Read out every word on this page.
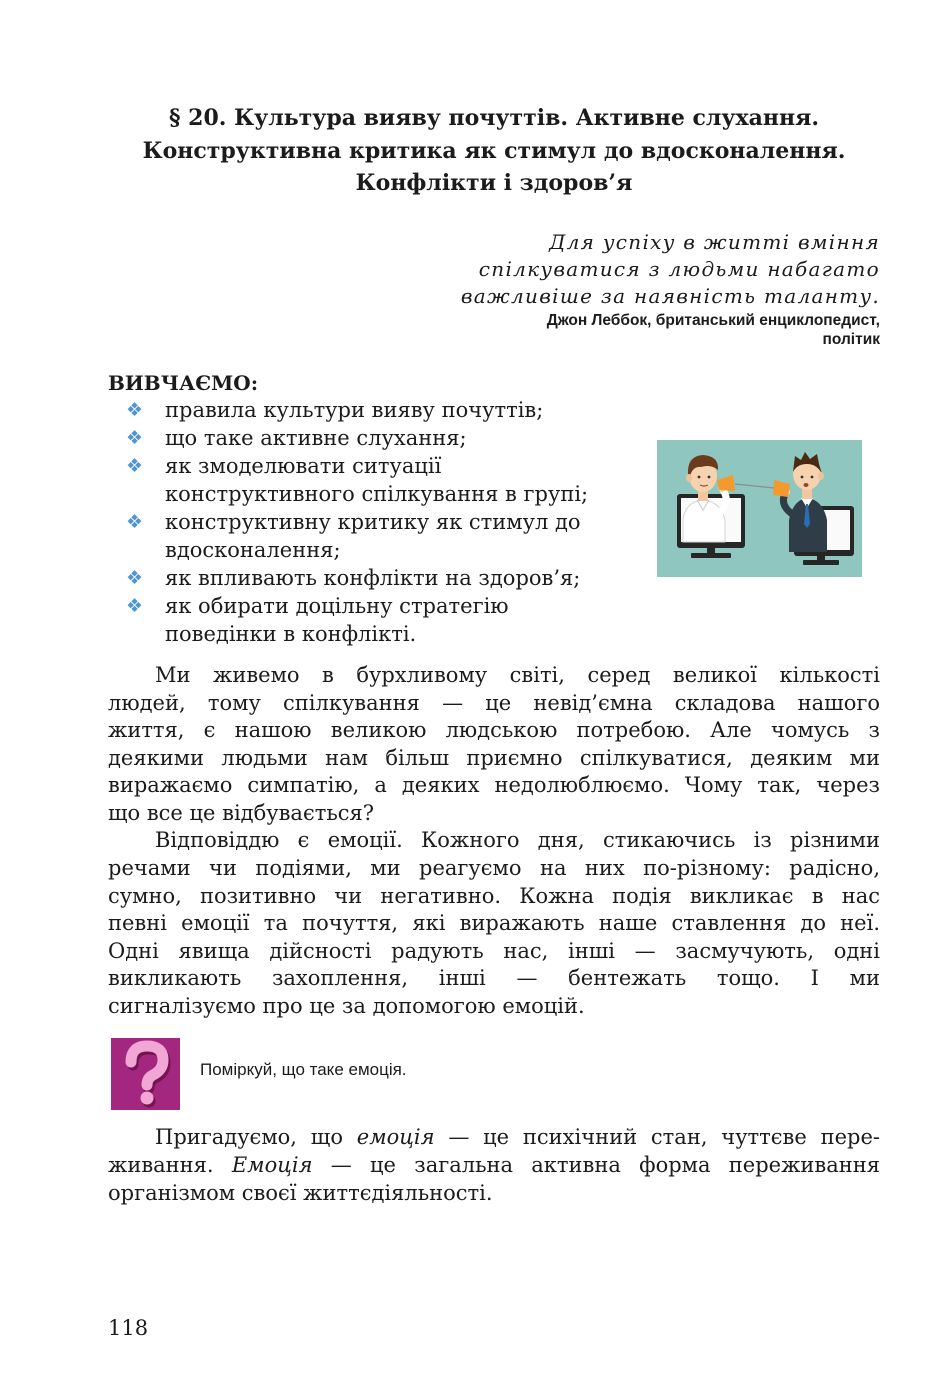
§ 20. Культура вияву почуттів. Активне слухання.
Конструктивна критика як стимул до вдосконалення.
Конфлікти і здоров’я
Для успіху в житті вміння
спілкуватися з людьми набагато
важливіше за наявність таланту.
Джон Леббок, британський енциклопедист,
політик
ВИВЧАЄМО:
❖ правила культури вияву почуттів;
❖ що таке активне слухання;
❖ як змоделювати ситуації
конструктивного спілкування в групі;
❖ конструктивну критику як стимул до
вдосконалення;
❖ як впливають конфлікти на здоров’я;
❖ як обирати доцільну стратегію
поведінки в конфлікті.
Ми живемо в бурхливому світі, серед великої кількості
людей, тому спілкування — це невід’ємна складова нашого
життя, є нашою великою людською потребою. Але чомусь з
деякими людьми нам більш приємно спілкуватися, деяким ми
виражаємо симпатію, а деяких недолюблюємо. Чому так, через
що все це відбувається?
Відповіддю є емоції. Кожного дня, стикаючись із різними
речами чи подіями, ми реагуємо на них по-різному: радісно,
сумно, позитивно чи негативно. Кожна подія викликає в нас
певні емоції та почуття, які виражають наше ставлення до неї.
Одні явища дійсності радують нас, інші — засмучують, одні
викликають захоплення, інші — бентежать тощо. І ми
сигналізуємо про це за допомогою емоцій.
Поміркуй, що таке емоція.
Пригадуємо, що емоція — це психічний стан, чуттєве пере-
живання. Емоція — це загальна активна форма переживання
організмом своєї життєдіяльності.
118
